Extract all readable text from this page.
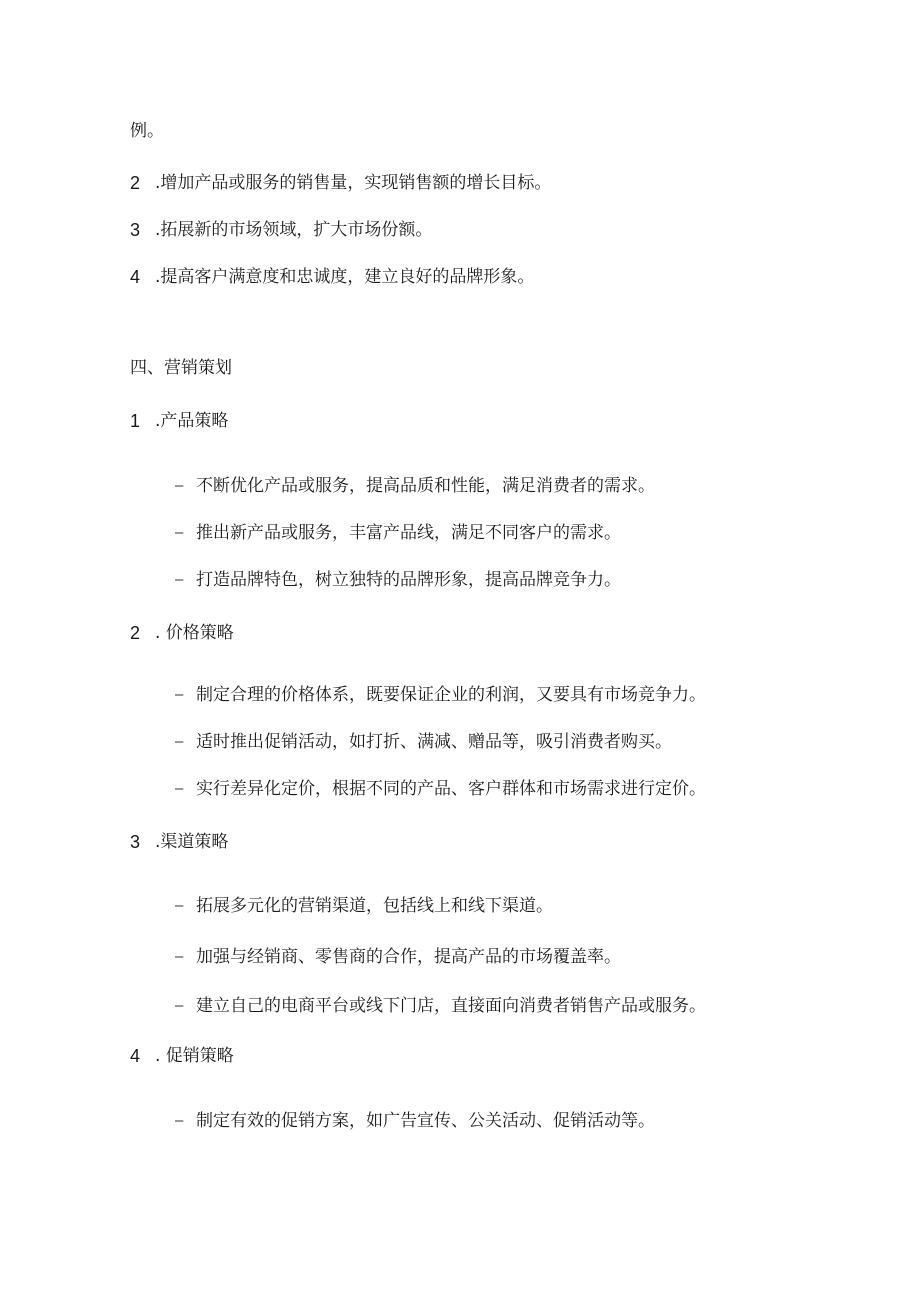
例。
2 .增加产品或服务的销售量，实现销售额的增长目标。
3 .拓展新的市场领域，扩大市场份额。
4 .提高客户满意度和忠诚度，建立良好的品牌形象。
四、营销策划
1 .产品策略
– 不断优化产品或服务，提高品质和性能，满足消费者的需求。
– 推出新产品或服务，丰富产品线，满足不同客户的需求。
– 打造品牌特色，树立独特的品牌形象，提高品牌竞争力。
2 . 价格策略
– 制定合理的价格体系，既要保证企业的利润，又要具有市场竞争力。
– 适时推出促销活动，如打折、满减、赠品等，吸引消费者购买。
– 实行差异化定价，根据不同的产品、客户群体和市场需求进行定价。
3 .渠道策略
– 拓展多元化的营销渠道，包括线上和线下渠道。
– 加强与经销商、零售商的合作，提高产品的市场覆盖率。
– 建立自己的电商平台或线下门店，直接面向消费者销售产品或服务。
4 . 促销策略
– 制定有效的促销方案，如广告宣传、公关活动、促销活动等。
